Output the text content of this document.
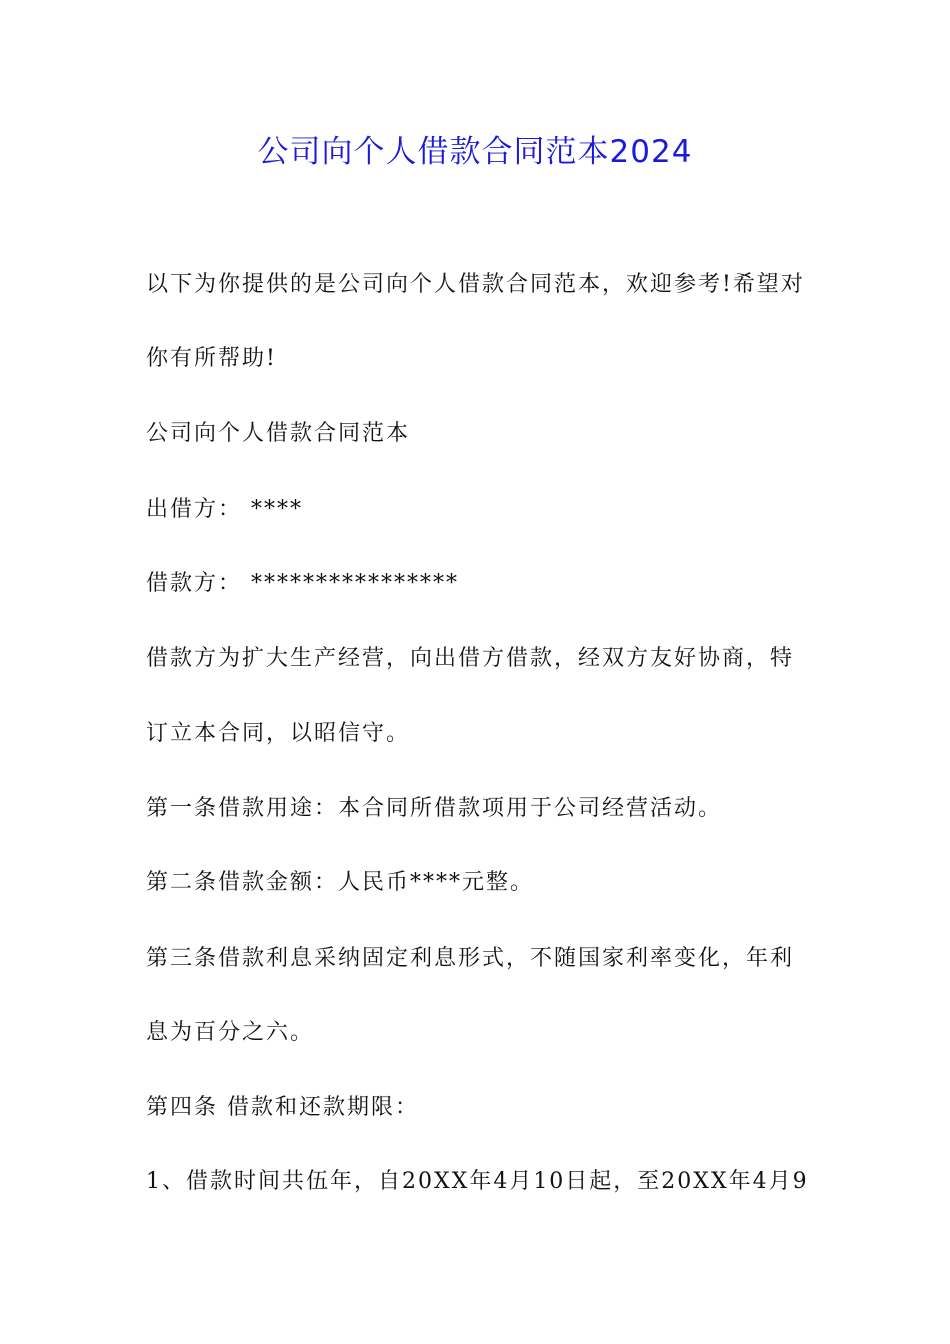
公司向个人借款合同范本2024

以下为你提供的是公司向个人借款合同范本，欢迎参考!希望对

你有所帮助!

公司向个人借款合同范本

出借方： ****

借款方： ****************

借款方为扩大生产经营，向出借方借款，经双方友好协商，特

订立本合同，以昭信守。

第一条借款用途：本合同所借款项用于公司经营活动。

第二条借款金额：人民币****元整。

第三条借款利息采纳固定利息形式，不随国家利率变化，年利

息为百分之六。

第四条 借款和还款期限：

1、借款时间共伍年，自20XX年4月10日起，至20XX年4月9
